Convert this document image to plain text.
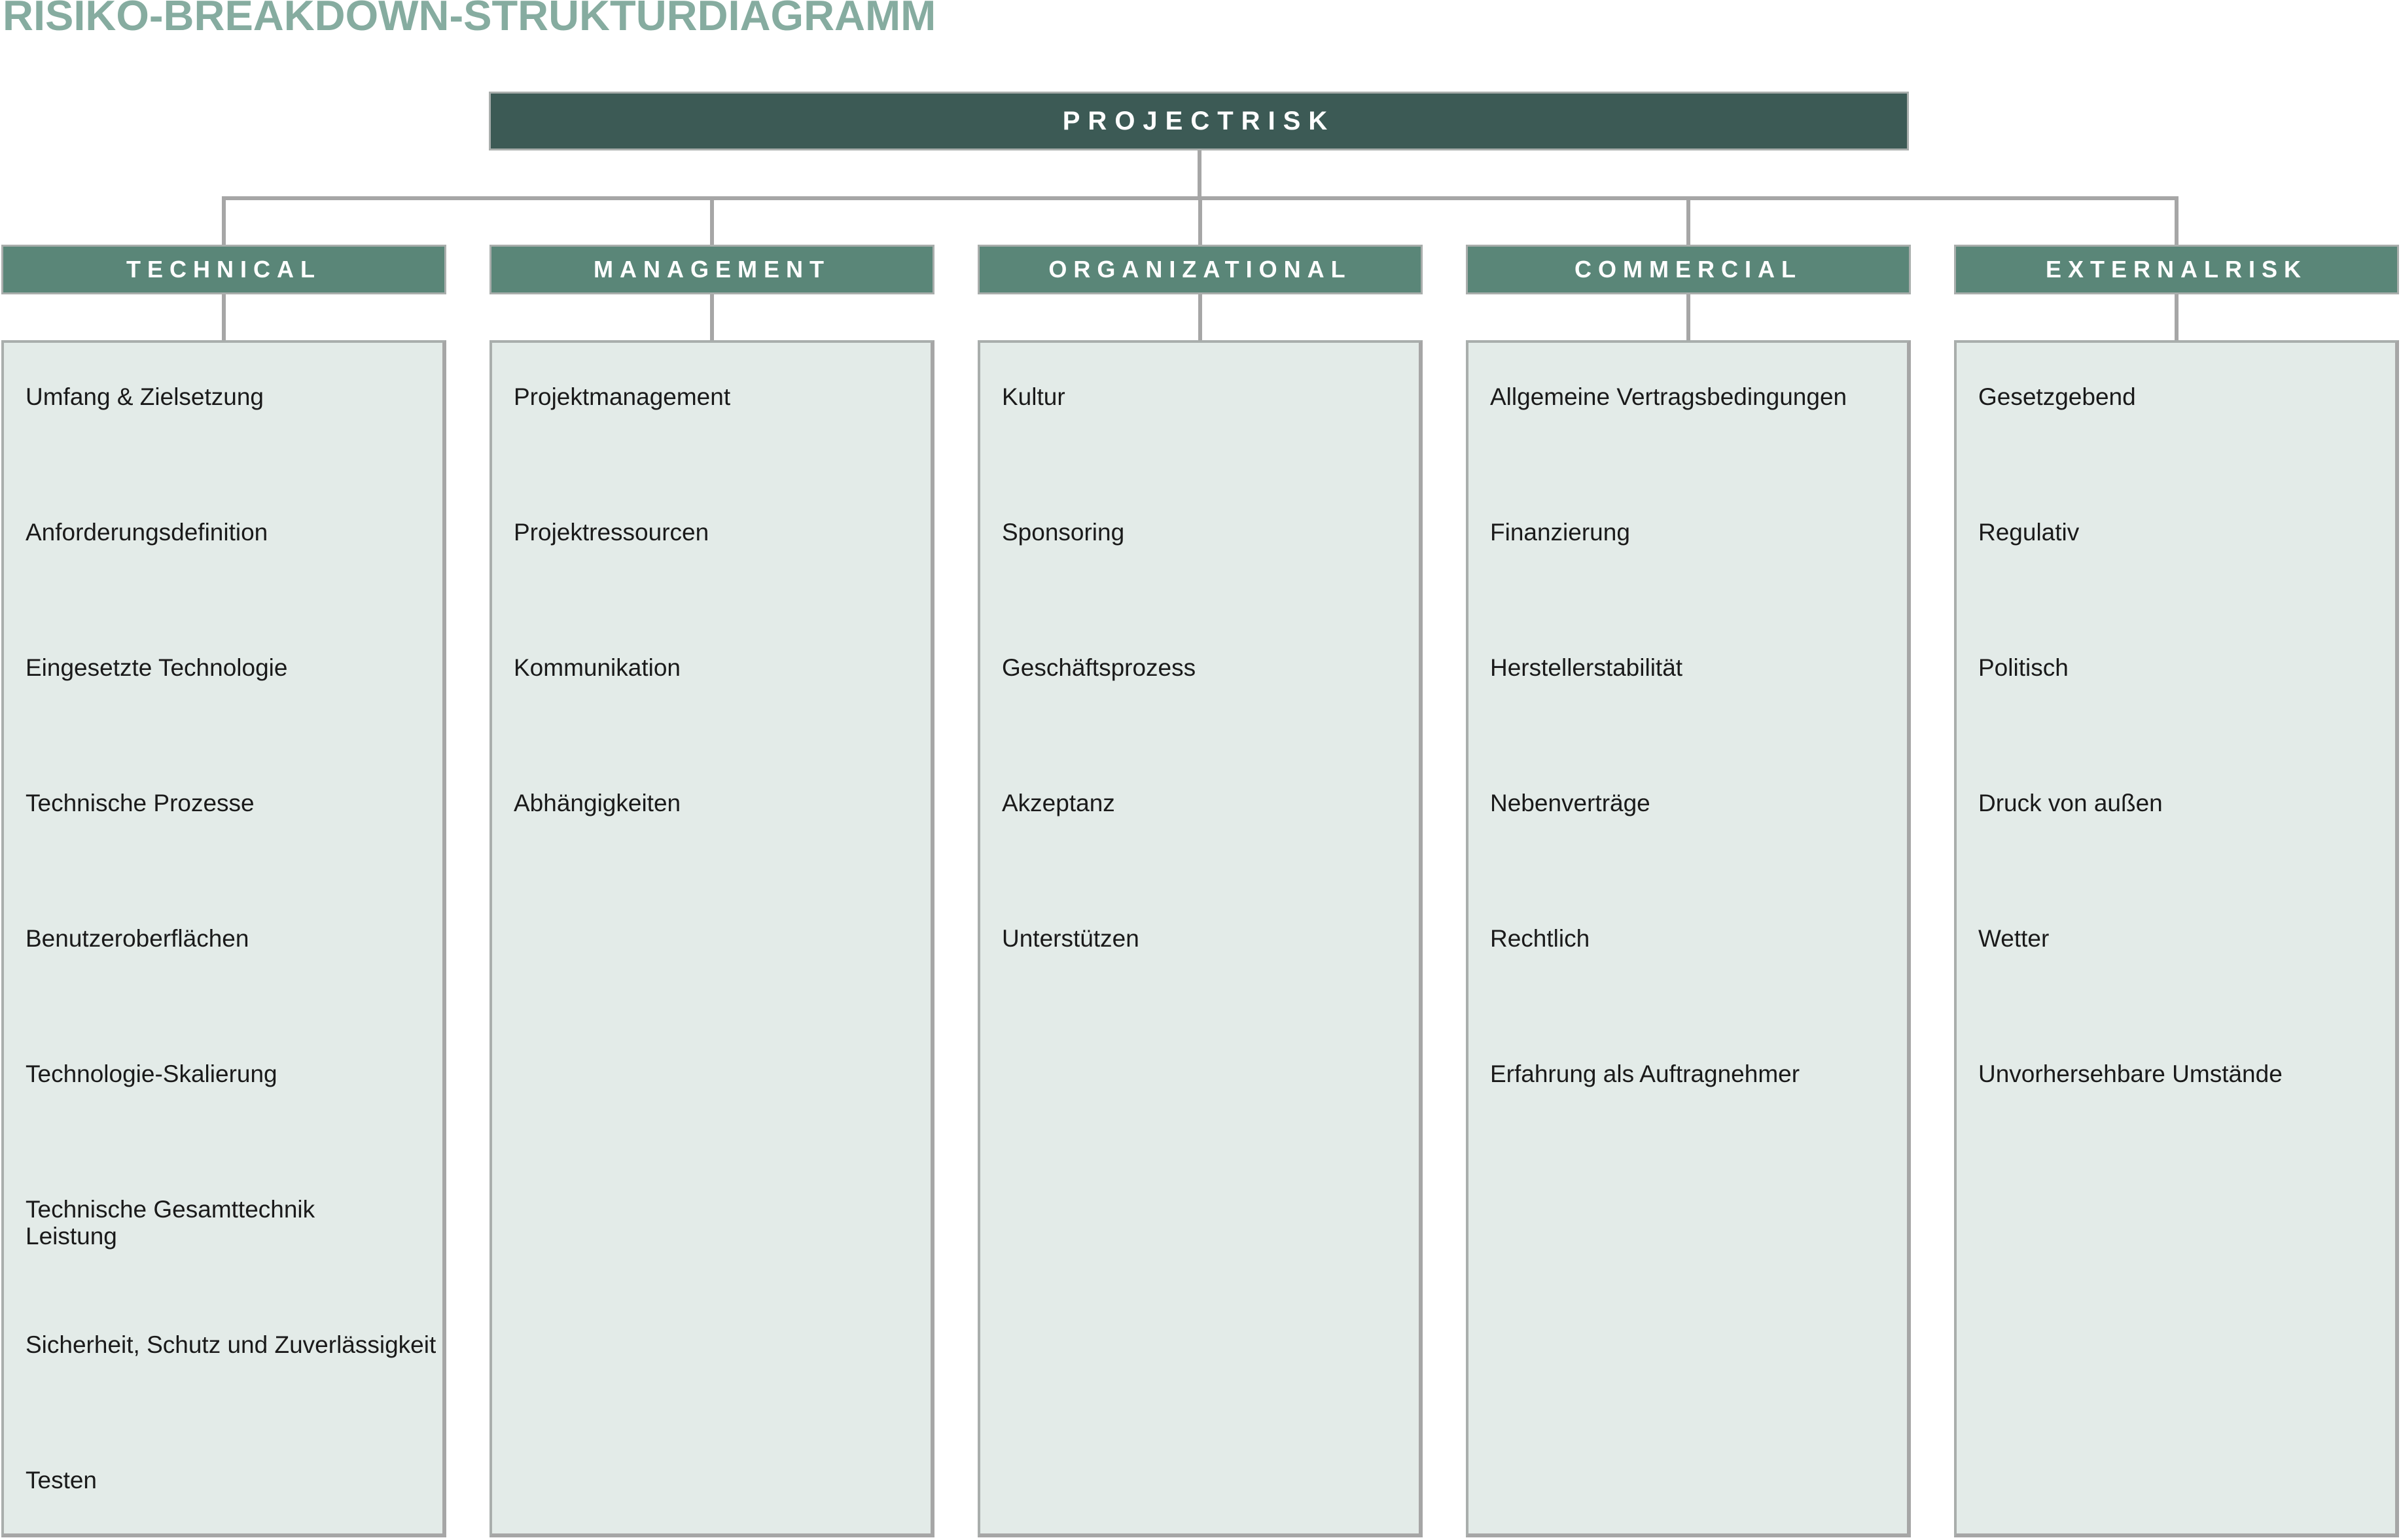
RISIKO-BREAKDOWN-STRUKTURDIAGRAMM
PROJECTRISK
TECHNICAL
Umfang & Zielsetzung
Anforderungsdefinition
Eingesetzte Technologie
Technische Prozesse
Benutzeroberflächen
Technologie-Skalierung
Technische Gesamttechnik
Leistung
Sicherheit, Schutz und Zuverlässigkeit
Testen
MANAGEMENT
Projektmanagement
Projektressourcen
Kommunikation
Abhängigkeiten
ORGANIZATIONAL
Kultur
Sponsoring
Geschäftsprozess
Akzeptanz
Unterstützen
COMMERCIAL
Allgemeine Vertragsbedingungen
Finanzierung
Herstellerstabilität
Nebenverträge
Rechtlich
Erfahrung als Auftragnehmer
EXTERNALRISK
Gesetzgebend
Regulativ
Politisch
Druck von außen
Wetter
Unvorhersehbare Umstände
